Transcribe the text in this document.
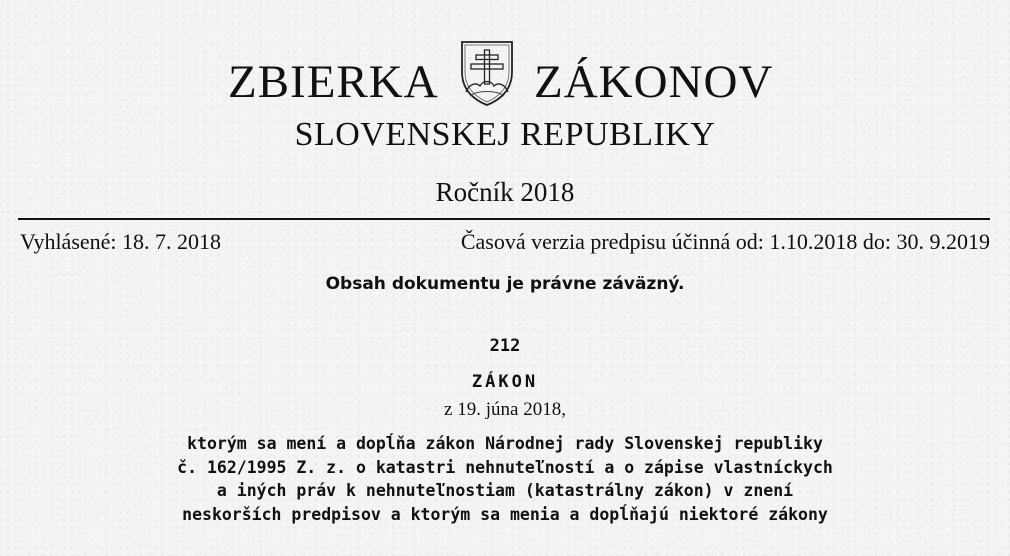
ZBIERKA ZÁKONOV
SLOVENSKEJ REPUBLIKY
Ročník 2018
Vyhlásené: 18. 7. 2018	Časová verzia predpisu účinná od: 1.10.2018 do: 30. 9.2019
Obsah dokumentu je právne záväzný.
212
ZÁKON
z 19. júna 2018,
ktorým sa mení a dopĺňa zákon Národnej rady Slovenskej republiky
č. 162/1995 Z. z. o katastri nehnuteľností a o zápise vlastníckych
a iných práv k nehnuteľnostiam (katastrálny zákon) v znení
neskorších predpisov a ktorým sa menia a dopĺňajú niektoré zákony
